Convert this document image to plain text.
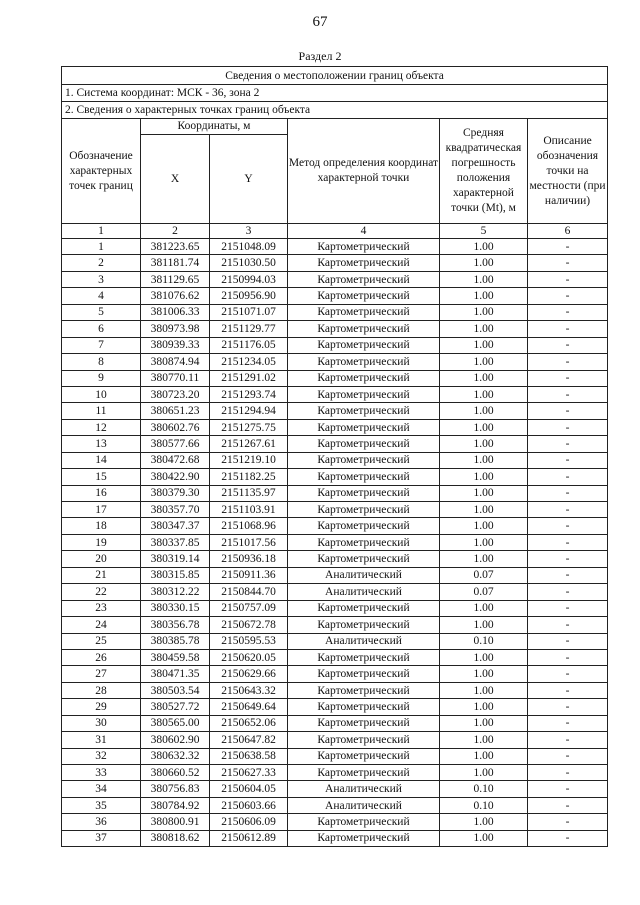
67
Раздел 2
Сведения о местоположении границ объекта					
1. Система координат: МСК - 36, зона 2					
2. Сведения о характерных точках границ объекта					
Обозначение характерных точек границ	Координаты, м		Метод определения координат характерной точки	Средняя квадратическая погрешность положения характерной точки (Mt), м	Описание обозначения точки на местности (при наличии)
	X	Y			
1	2	3	4	5	6
1	381223.65	2151048.09	Картометрический	1.00	-
2	381181.74	2151030.50	Картометрический	1.00	-
3	381129.65	2150994.03	Картометрический	1.00	-
4	381076.62	2150956.90	Картометрический	1.00	-
5	381006.33	2151071.07	Картометрический	1.00	-
6	380973.98	2151129.77	Картометрический	1.00	-
7	380939.33	2151176.05	Картометрический	1.00	-
8	380874.94	2151234.05	Картометрический	1.00	-
9	380770.11	2151291.02	Картометрический	1.00	-
10	380723.20	2151293.74	Картометрический	1.00	-
11	380651.23	2151294.94	Картометрический	1.00	-
12	380602.76	2151275.75	Картометрический	1.00	-
13	380577.66	2151267.61	Картометрический	1.00	-
14	380472.68	2151219.10	Картометрический	1.00	-
15	380422.90	2151182.25	Картометрический	1.00	-
16	380379.30	2151135.97	Картометрический	1.00	-
17	380357.70	2151103.91	Картометрический	1.00	-
18	380347.37	2151068.96	Картометрический	1.00	-
19	380337.85	2151017.56	Картометрический	1.00	-
20	380319.14	2150936.18	Картометрический	1.00	-
21	380315.85	2150911.36	Аналитический	0.07	-
22	380312.22	2150844.70	Аналитический	0.07	-
23	380330.15	2150757.09	Картометрический	1.00	-
24	380356.78	2150672.78	Картометрический	1.00	-
25	380385.78	2150595.53	Аналитический	0.10	-
26	380459.58	2150620.05	Картометрический	1.00	-
27	380471.35	2150629.66	Картометрический	1.00	-
28	380503.54	2150643.32	Картометрический	1.00	-
29	380527.72	2150649.64	Картометрический	1.00	-
30	380565.00	2150652.06	Картометрический	1.00	-
31	380602.90	2150647.82	Картометрический	1.00	-
32	380632.32	2150638.58	Картометрический	1.00	-
33	380660.52	2150627.33	Картометрический	1.00	-
34	380756.83	2150604.05	Аналитический	0.10	-
35	380784.92	2150603.66	Аналитический	0.10	-
36	380800.91	2150606.09	Картометрический	1.00	-
37	380818.62	2150612.89	Картометрический	1.00	-
